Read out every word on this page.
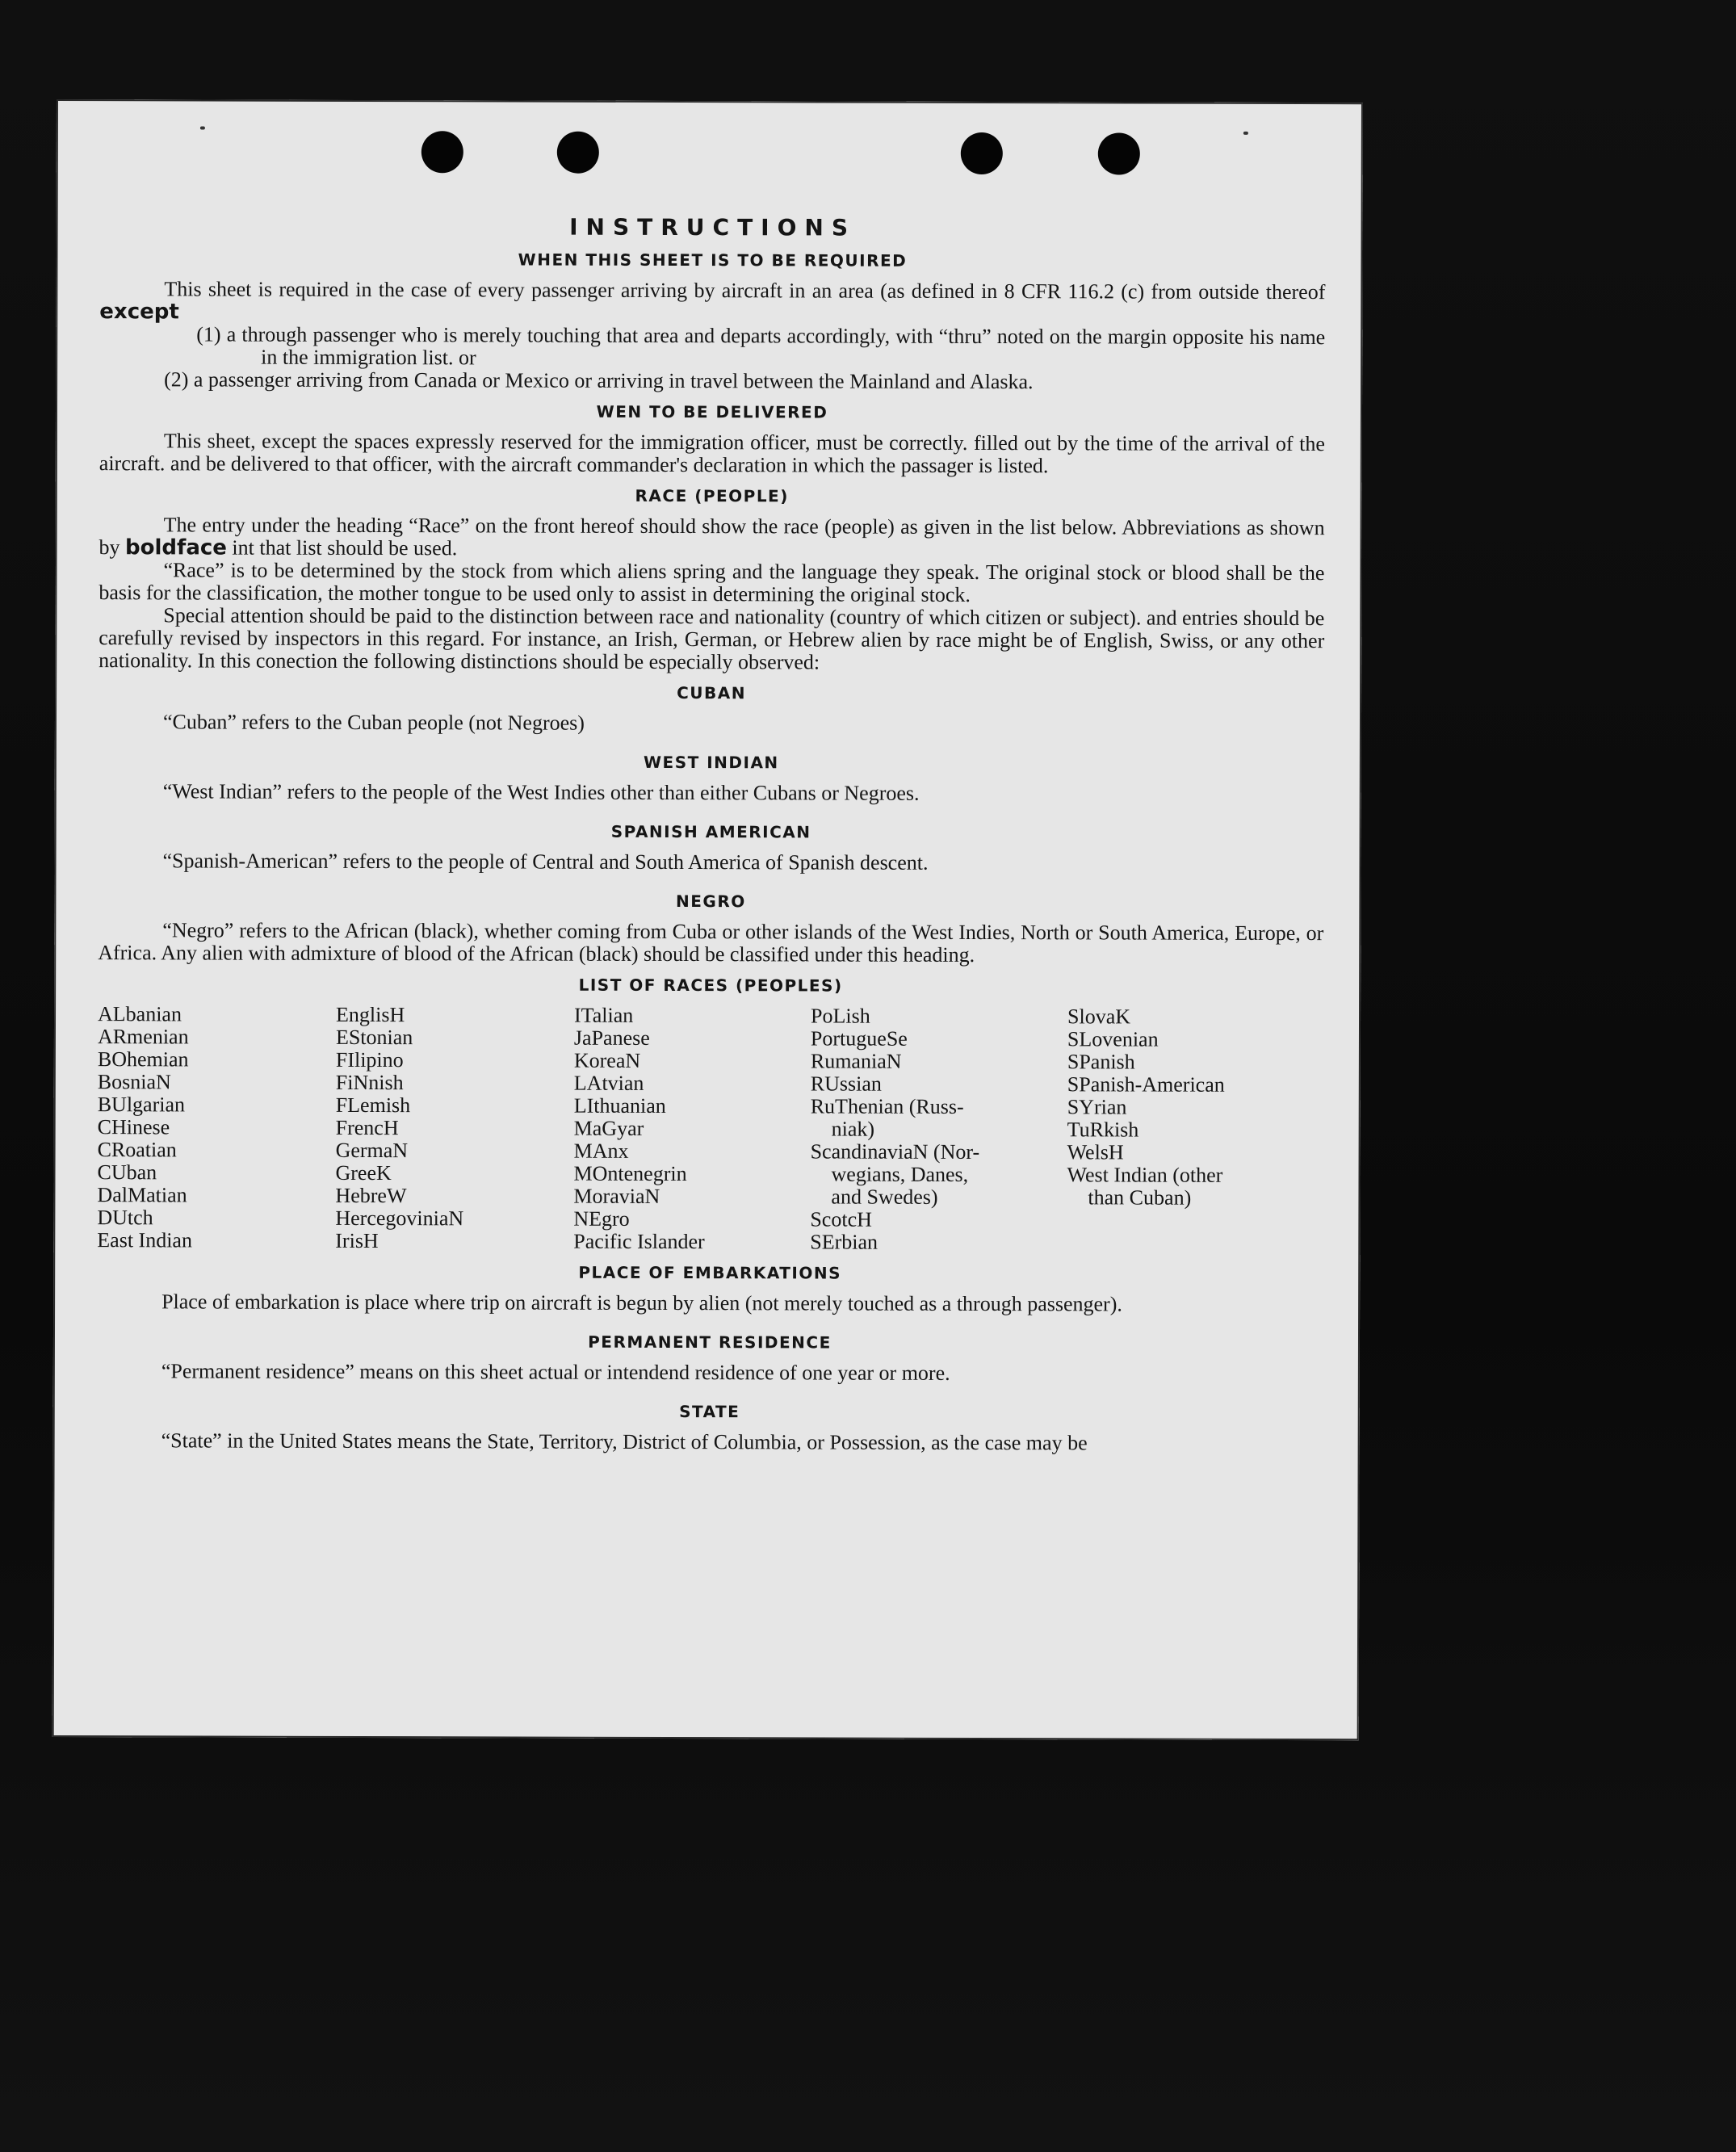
INSTRUCTIONS
WHEN THIS SHEET IS TO BE REQUIRED

This sheet is required in the case of every passenger arriving by aircraft in an area (as defined in 8 CFR 116.2 (c) from outside thereof except

(1) a through passenger who is merely touching that area and departs accordingly, with “thru” noted on the margin opposite his name in the immigration list. or

(2) a passenger arriving from Canada or Mexico or arriving in travel between the Mainland and Alaska.

WEN TO BE DELIVERED

This sheet, except the spaces expressly reserved for the immigration officer, must be correctly. filled out by the time of the arrival of the aircraft. and be delivered to that officer, with the aircraft commander's declaration in which the passager is listed.

RACE (PEOPLE)

The entry under the heading “Race” on the front hereof should show the race (people) as given in the list below. Abbreviations as shown by boldface int that list should be used.

“Race” is to be determined by the stock from which aliens spring and the language they speak. The original stock or blood shall be the basis for the classification, the mother tongue to be used only to assist in determining the original stock.

Special attention should be paid to the distinction between race and nationality (country of which citizen or subject). and entries should be carefully revised by inspectors in this regard. For instance, an Irish, German, or Hebrew alien by race might be of English, Swiss, or any other nationality. In this conection the following distinctions should be especially observed:

CUBAN

“Cuban” refers to the Cuban people (not Negroes)

WEST INDIAN

“West Indian” refers to the people of the West Indies other than either Cubans or Negroes.

SPANISH AMERICAN

“Spanish-American” refers to the people of Central and South America of Spanish descent.

NEGRO

“Negro” refers to the African (black), whether coming from Cuba or other islands of the West Indies, North or South America, Europe, or Africa. Any alien with admixture of blood of the African (black) should be classified under this heading.

LIST OF RACES (PEOPLES)
ALbanian
ARmenian
BOhemian
BosniaN
BUlgarian
CHinese
CRoatian
CUban
DalMatian
DUtch
East Indian
EnglisH
EStonian
FIlipino
FiNnish
FLemish
FrencH
GermaN
GreeK
HebreW
HercegoviniaN
IrisH
ITalian
JaPanese
KoreaN
LAtvian
LIthuanian
MaGyar
MAnx
MOntenegrin
MoraviaN
NEgro
Pacific Islander
PoLish
PortugueSe
RumaniaN
RUssian
RuThenian (Russ-
niak)
ScandinaviaN (Nor-
wegians, Danes,
and Swedes)
ScotcH
SErbian
SlovaK
SLovenian
SPanish
SPanish-American
SYrian
TuRkish
WelsH
West Indian (other
than Cuban)
PLACE OF EMBARKATIONS

Place of embarkation is place where trip on aircraft is begun by alien (not merely touched as a through passenger).

PERMANENT RESIDENCE

“Permanent residence” means on this sheet actual or intendend residence of one year or more.

STATE

“State” in the United States means the State, Territory, District of Columbia, or Possession, as the case may be
